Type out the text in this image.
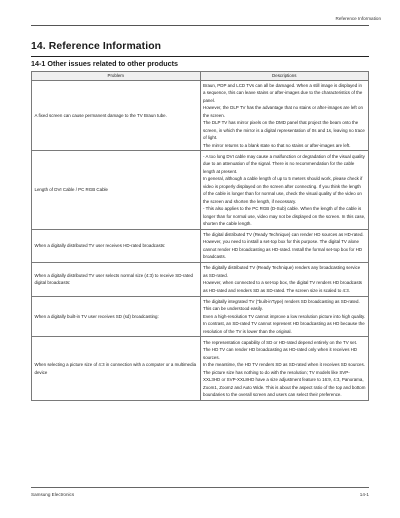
Reference Information
14. Reference Information
14-1 Other issues related to other products
Problem	Descriptions
A fixed screen can cause permanent damage to the TV Braun tube.	Braun, PDP and LCD TVs can all be damaged. When a still image is displayed in a sequence, this can leave stains or after-images due to the characteristics of the panel.
However, the DLP TV has the advantage that no stains or after-images are left on the screen.
The DLP TV has mirror pixels on the DMD panel that project the beam onto the screen, in which the mirror is a digital representation of 0s and 1s, leaving no trace of light.
The mirror returns to a blank state so that no stains or after-images are left.
Length of DVI Cable / PC RGB Cable	- A too long DVI cable may cause a malfunction or degradation of the visual quality due to an attenuation of the signal. There is no recommendation for the cable length at present.
In general, although a cable length of up to 5 meters should work, please check if video is properly displayed on the screen after connecting. If you think the length of the cable is longer than for normal use, check the visual quality of the video on the screen and shorten the length, if necessary.
- This also applies to the PC RGB (D-Sub) cable. When the length of the cable is longer than for normal use, video may not be displayed on the screen. In this case, shorten the cable length.
When a digitally distributed TV user receives HD-rated broadcasts:	The digital distributed TV (Ready Technique) can render HD sources as HD-rated.
However, you need to install a set-top box for this purpose. The digital TV alone cannot render HD broadcasting as HD-rated. Install the formal set-top box for HD broadcasts.
When a digitally distributed TV user selects normal size (4:3) to receive SD-rated digital broadcasts:	The digitally distributed TV (Ready Technique) renders any broadcasting service as SD-rated.
However, when connected to a set-top box, the digital TV renders HD broadcasts as HD-rated and renders SD as SD-rated. The screen size is scaled to 4:3.
When a digitally built-in TV user receives SD (sd) broadcasting:	The digitally integrated TV ("built-in"type) renders SD broadcasting as SD-rated.
This can be understood easily.
Even a high-resolution TV cannot improve a low resolution picture into high quality.
In contrast, an SD-rated TV cannot represent HD broadcasting as HD because the resolution of the TV is lower than the original.
When selecting a picture size of 4:3 in connection with a computer or a multimedia device	The representation capability of SD or HD-rated depend entirely on the TV set. The HD TV can render HD broadcasting as HD-rated only when it receives HD sources.
In the meantime, the HD TV renders SD as SD-rated when it receives SD sources.
The picture size has nothing to do with the resolution; TV models like SVP-XXL3HD or SVP-XXL8HD have a size adjustment feature to 16:9, 4:3, Panorama, Zoom1, Zoom2 and Auto Wide. This is about the aspect ratio of the top and bottom boundaries to the overall screen and users can select their preference.
Samsung Electronics	14-1
